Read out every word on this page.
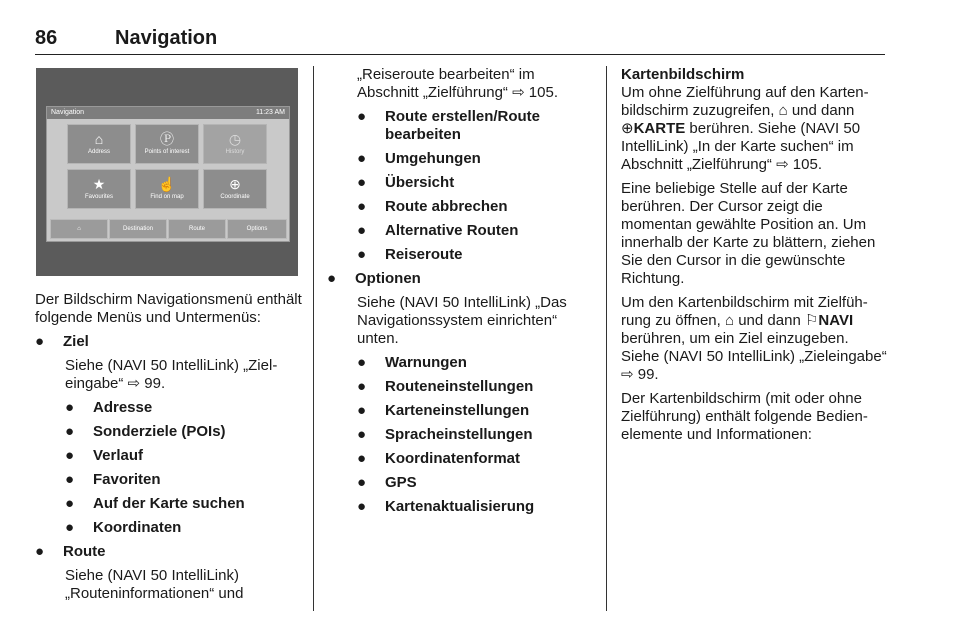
86	Navigation
Navigation	11:23 AM
⌂
Address
Ⓟ
Points of interest
◷
History
★
Favourites
☝
Find on map
⊕
Coordinate
⌂	Destination	Route	Options

Der Bildschirm Navigationsmenü enthält folgende Menüs und Untermenüs:

●	Ziel

Siehe (NAVI 50 IntelliLink) „Zieleingabe“ ⇨ 99.

●	Adresse
●	Sonderziele (POIs)
●	Verlauf
●	Favoriten
●	Auf der Karte suchen
●	Koordinaten
●	Route

Siehe (NAVI 50 IntelliLink) „Routeninformationen“ und

„Reiseroute bearbeiten“ im Abschnitt „Zielführung“ ⇨ 105.

●	Route erstellen/Route bearbeiten
●	Umgehungen
●	Übersicht
●	Route abbrechen
●	Alternative Routen
●	Reiseroute
●	Optionen

Siehe (NAVI 50 IntelliLink) „Das Navigationssystem einrichten“ unten.

●	Warnungen
●	Routeneinstellungen
●	Karteneinstellungen
●	Spracheinstellungen
●	Koordinatenformat
●	GPS
●	Kartenaktualisierung
Kartenbildschirm

Um ohne Zielführung auf den Kartenbildschirm zuzugreifen, ⌂ und dann ⊕KARTE berühren. Siehe (NAVI 50 IntelliLink) „In der Karte suchen“ im Abschnitt „Zielführung“ ⇨ 105.

Eine beliebige Stelle auf der Karte berühren. Der Cursor zeigt die momentan gewählte Position an. Um innerhalb der Karte zu blättern, ziehen Sie den Cursor in die gewünschte Richtung.

Um den Kartenbildschirm mit Zielführung zu öffnen, ⌂ und dann ⚐NAVI berühren, um ein Ziel einzugeben. Siehe (NAVI 50 IntelliLink) „Zieleingabe“ ⇨ 99.

Der Kartenbildschirm (mit oder ohne Zielführung) enthält folgende Bedienelemente und Informationen:
